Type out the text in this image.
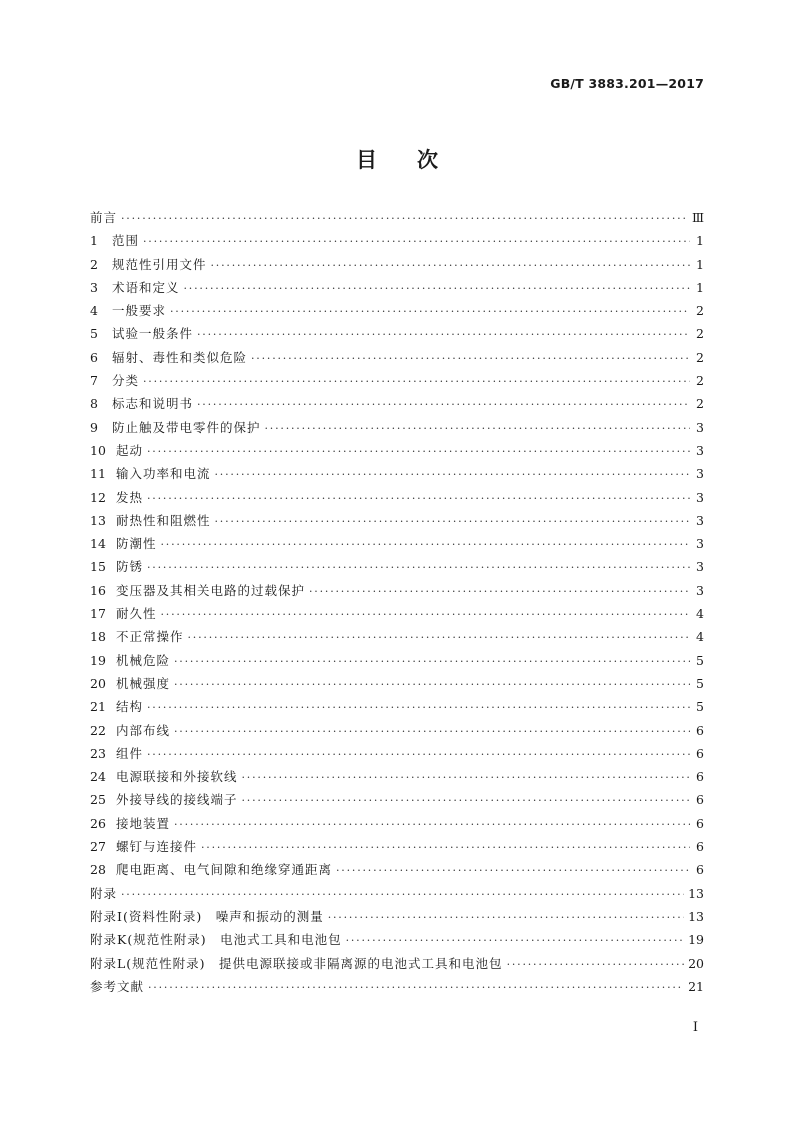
GB/T 3883.201—2017
目次
前言 ·····	Ⅲ
1	范围 ·····	1
2	规范性引用文件 ·····	1
3	术语和定义 ·····	1
4	一般要求 ·····	2
5	试验一般条件 ·····	2
6	辐射、毒性和类似危险 ·····	2
7	分类 ·····	2
8	标志和说明书 ·····	2
9	防止触及带电零件的保护 ·····	3
10 起动 ·····	3
11 输入功率和电流 ·····	3
12 发热 ·····	3
13 耐热性和阻燃性 ·····	3
14 防潮性 ·····	3
15 防锈 ·····	3
16 变压器及其相关电路的过载保护 ·····	3
17 耐久性 ·····	4
18 不正常操作 ·····	4
19 机械危险 ·····	5
20 机械强度 ·····	5
21 结构 ·····	5
22 内部布线 ·····	6
23 组件 ·····	6
24 电源联接和外接软线 ·····	6
25 外接导线的接线端子 ·····	6
26 接地装置 ·····	6
27 螺钉与连接件 ·····	6
28 爬电距离、电气间隙和绝缘穿通距离 ·····	6
附录 ·····	13
附录Ⅰ(资料性附录)　噪声和振动的测量 ·····	13
附录K(规范性附录)　电池式工具和电池包 ·····	19
附录L(规范性附录)　提供电源联接或非隔离源的电池式工具和电池包 ·····	20
参考文献 ·····	21
I
